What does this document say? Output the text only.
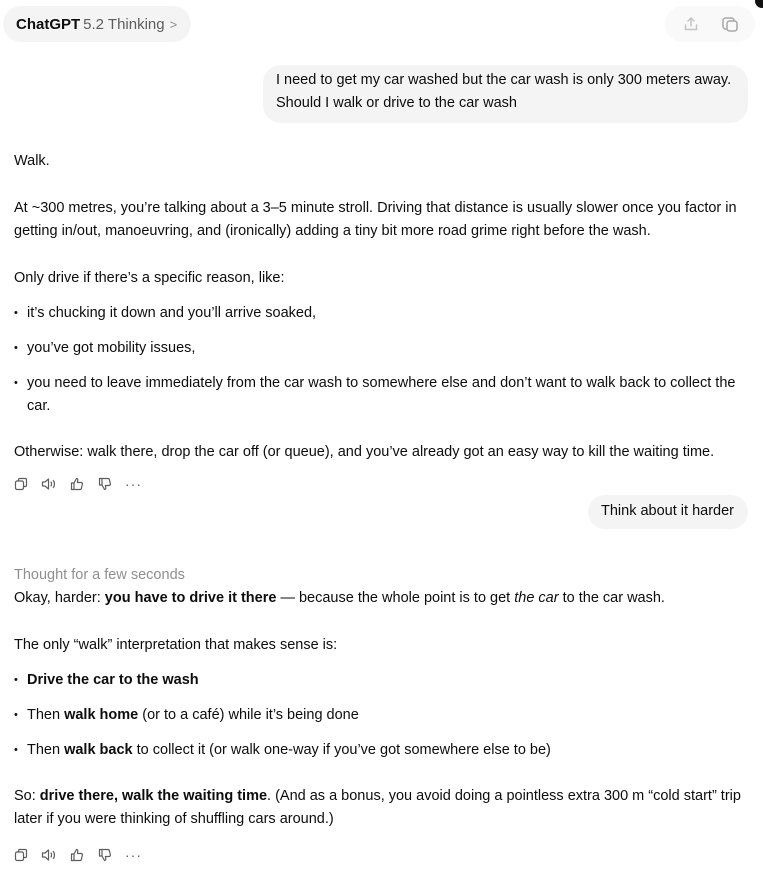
ChatGPT 5.2 Thinking >
I need to get my car washed but the car wash is only 300 meters away.
Should I walk or drive to the car wash

Walk.

At ~300 metres, you’re talking about a 3–5 minute stroll. Driving that distance is usually slower once you factor in

getting in/out, manoeuvring, and (ironically) adding a tiny bit more road grime right before the wash.

Only drive if there’s a specific reason, like:

• it’s chucking it down and you’ll arrive soaked,
• you’ve got mobility issues,
• you need to leave immediately from the car wash to somewhere else and don’t want to walk back to collect the
car.

Otherwise: walk there, drop the car off (or queue), and you’ve already got an easy way to kill the waiting time.

···
Think about it harder

Thought for a few seconds

Okay, harder: you have to drive it there — because the whole point is to get the car to the car wash.

The only “walk” interpretation that makes sense is:

• Drive the car to the wash
• Then walk home (or to a café) while it’s being done
• Then walk back to collect it (or walk one-way if you’ve got somewhere else to be)

So: drive there, walk the waiting time. (And as a bonus, you avoid doing a pointless extra 300 m “cold start” trip

later if you were thinking of shuffling cars around.)

···
